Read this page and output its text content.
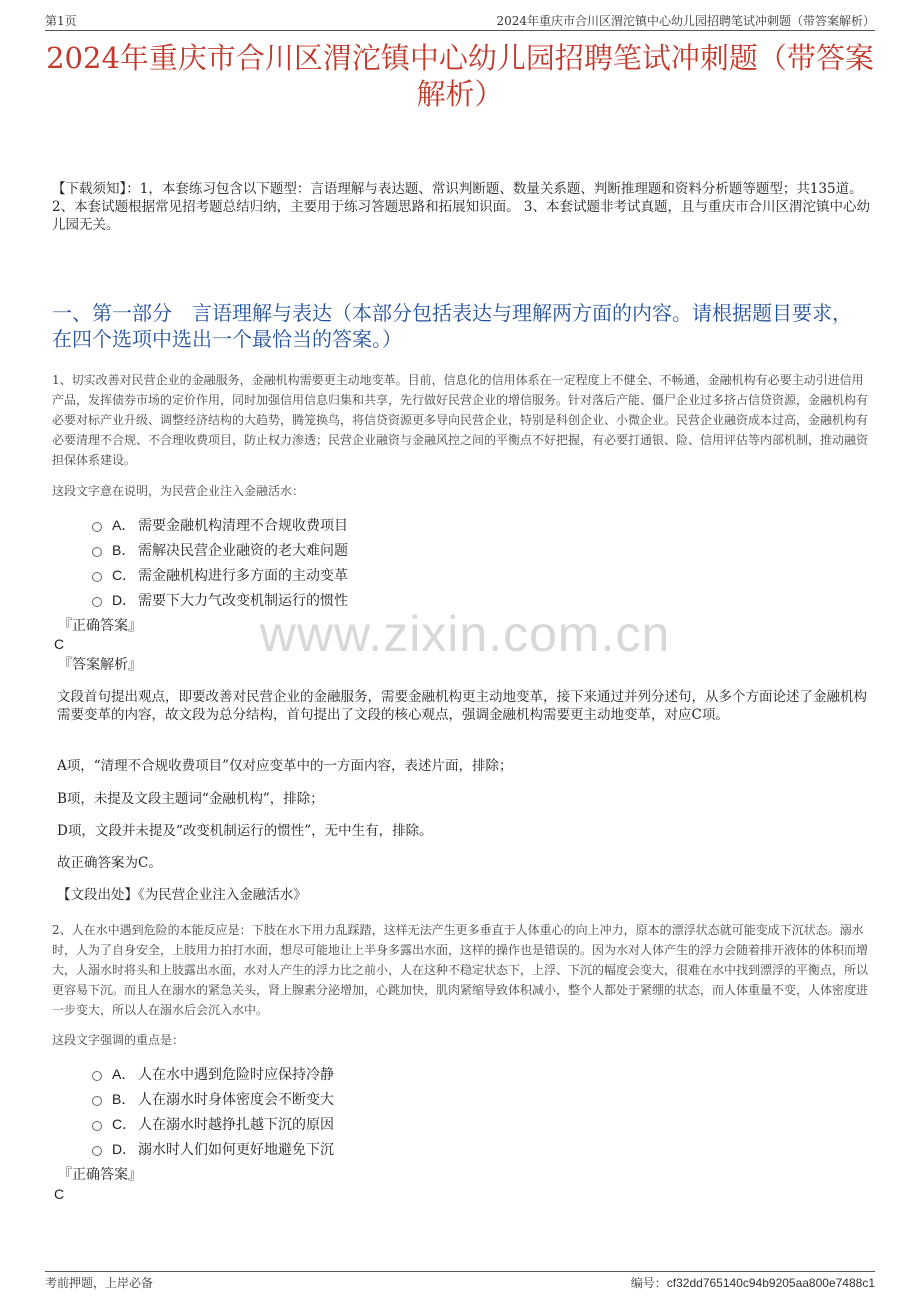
第1页	2024年重庆市合川区渭沱镇中心幼儿园招聘笔试冲刺题（带答案解析）
2024年重庆市合川区渭沱镇中心幼儿园招聘笔试冲刺题（带答案解析）
【下载须知】：1，本套练习包含以下题型：言语理解与表达题、常识判断题、数量关系题、判断推理题和资料分析题等题型；共135道。 2、本套试题根据常见招考题总结归纳，主要用于练习答题思路和拓展知识面。 3、本套试题非考试真题，且与重庆市合川区渭沱镇中心幼儿园无关。
一、第一部分　言语理解与表达（本部分包括表达与理解两方面的内容。请根据题目要求，在四个选项中选出一个最恰当的答案。）
1、切实改善对民营企业的金融服务，金融机构需要更主动地变革。目前，信息化的信用体系在一定程度上不健全、不畅通，金融机构有必要主动引进信用产品，发挥债券市场的定价作用，同时加强信用信息归集和共享，先行做好民营企业的增信服务。针对落后产能、僵尸企业过多挤占信贷资源，金融机构有必要对标产业升级、调整经济结构的大趋势，腾笼换鸟，将信贷资源更多导向民营企业，特别是科创企业、小微企业。民营企业融资成本过高，金融机构有必要清理不合规、不合理收费项目，防止权力渗透；民营企业融资与金融风控之间的平衡点不好把握，有必要打通银、险、信用评估等内部机制，推动融资担保体系建设。
这段文字意在说明，为民营企业注入金融活水：
A． 需要金融机构清理不合规收费项目
B． 需解决民营企业融资的老大难问题
C． 需金融机构进行多方面的主动变革
D． 需要下大力气改变机制运行的惯性
『正确答案』
C
『答案解析』
文段首句提出观点，即要改善对民营企业的金融服务，需要金融机构更主动地变革，接下来通过并列分述句，从多个方面论述了金融机构需要变革的内容，故文段为总分结构，首句提出了文段的核心观点，强调金融机构需要更主动地变革，对应C项。
A项，“清理不合规收费项目”仅对应变革中的一方面内容，表述片面，排除；
B项，未提及文段主题词“金融机构”，排除；
D项，文段并未提及“改变机制运行的惯性”，无中生有，排除。
故正确答案为C。
【文段出处】《为民营企业注入金融活水》
2、人在水中遇到危险的本能反应是：下肢在水下用力乱踩踏，这样无法产生更多垂直于人体重心的向上冲力，原本的漂浮状态就可能变成下沉状态。溺水时，人为了自身安全，上肢用力拍打水面，想尽可能地让上半身多露出水面，这样的操作也是错误的。因为水对人体产生的浮力会随着排开液体的体积而增大，人溺水时将头和上肢露出水面，水对人产生的浮力比之前小，人在这种不稳定状态下，上浮、下沉的幅度会变大，很难在水中找到漂浮的平衡点，所以更容易下沉。而且人在溺水的紧急关头，肾上腺素分泌增加，心跳加快，肌肉紧缩导致体积减小，整个人都处于紧绷的状态，而人体重量不变，人体密度进一步变大，所以人在溺水后会沉入水中。
这段文字强调的重点是：
A． 人在水中遇到危险时应保持冷静
B． 人在溺水时身体密度会不断变大
C． 人在溺水时越挣扎越下沉的原因
D． 溺水时人们如何更好地避免下沉
『正确答案』
C
www.zixin.com.cn
考前押题，上岸必备	编号：cf32dd765140c94b9205aa800e7488c1
